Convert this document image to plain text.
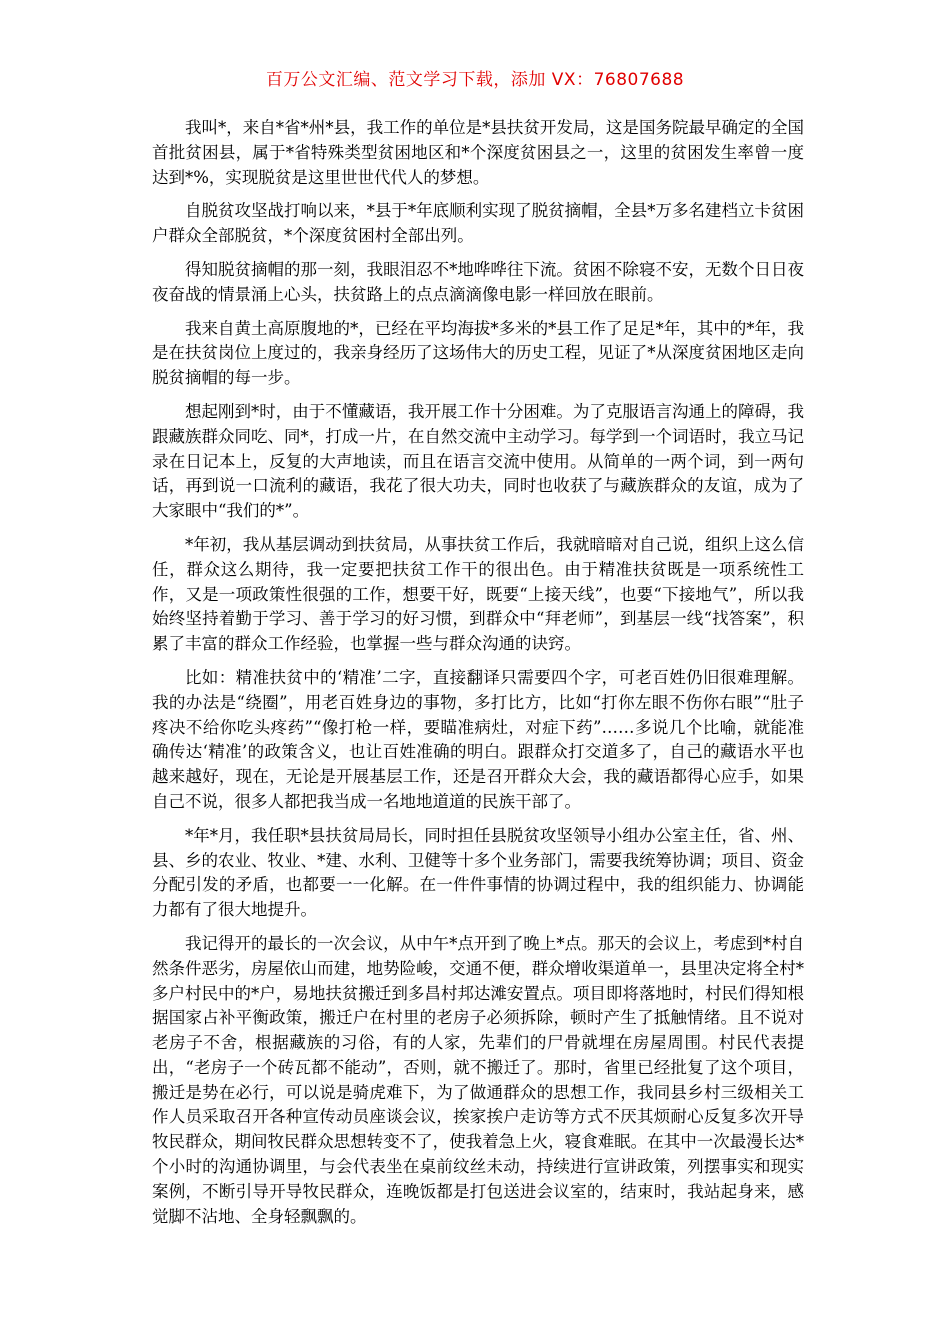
百万公文汇编、范文学习下载，添加 VX：76807688

我叫*，来自*省*州*县，我工作的单位是*县扶贫开发局，这是国务院最早确定的全国首批贫困县，属于*省特殊类型贫困地区和*个深度贫困县之一，这里的贫困发生率曾一度达到*%，实现脱贫是这里世世代代人的梦想。

自脱贫攻坚战打响以来，*县于*年底顺利实现了脱贫摘帽，全县*万多名建档立卡贫困户群众全部脱贫，*个深度贫困村全部出列。

得知脱贫摘帽的那一刻，我眼泪忍不*地哗哗往下流。贫困不除寝不安，无数个日日夜夜奋战的情景涌上心头，扶贫路上的点点滴滴像电影一样回放在眼前。

我来自黄土高原腹地的*，已经在平均海拔*多米的*县工作了足足*年，其中的*年，我是在扶贫岗位上度过的，我亲身经历了这场伟大的历史工程，见证了*从深度贫困地区走向脱贫摘帽的每一步。

想起刚到*时，由于不懂藏语，我开展工作十分困难。为了克服语言沟通上的障碍，我跟藏族群众同吃、同*，打成一片，在自然交流中主动学习。每学到一个词语时，我立马记录在日记本上，反复的大声地读，而且在语言交流中使用。从简单的一两个词，到一两句话，再到说一口流利的藏语，我花了很大功夫，同时也收获了与藏族群众的友谊，成为了大家眼中“我们的*”。

*年初，我从基层调动到扶贫局，从事扶贫工作后，我就暗暗对自己说，组织上这么信任，群众这么期待，我一定要把扶贫工作干的很出色。由于精准扶贫既是一项系统性工作，又是一项政策性很强的工作，想要干好，既要“上接天线”，也要“下接地气”，所以我始终坚持着勤于学习、善于学习的好习惯，到群众中“拜老师”，到基层一线“找答案”，积累了丰富的群众工作经验，也掌握一些与群众沟通的诀窍。

比如：精准扶贫中的‘精准’二字，直接翻译只需要四个字，可老百姓仍旧很难理解。我的办法是“绕圈”，用老百姓身边的事物，多打比方，比如“打你左眼不伤你右眼”“肚子疼决不给你吃头疼药”“像打枪一样，要瞄准病灶，对症下药”……多说几个比喻，就能准确传达‘精准’的政策含义，也让百姓准确的明白。跟群众打交道多了，自己的藏语水平也越来越好，现在，无论是开展基层工作，还是召开群众大会，我的藏语都得心应手，如果自己不说，很多人都把我当成一名地地道道的民族干部了。

*年*月，我任职*县扶贫局局长，同时担任县脱贫攻坚领导小组办公室主任，省、州、县、乡的农业、牧业、*建、水利、卫健等十多个业务部门，需要我统筹协调；项目、资金分配引发的矛盾，也都要一一化解。在一件件事情的协调过程中，我的组织能力、协调能力都有了很大地提升。

我记得开的最长的一次会议，从中午*点开到了晚上*点。那天的会议上，考虑到*村自然条件恶劣，房屋依山而建，地势险峻，交通不便，群众增收渠道单一，县里决定将全村*多户村民中的*户，易地扶贫搬迁到多昌村邦达滩安置点。项目即将落地时，村民们得知根据国家占补平衡政策，搬迁户在村里的老房子必须拆除，顿时产生了抵触情绪。且不说对老房子不舍，根据藏族的习俗，有的人家，先辈们的尸骨就埋在房屋周围。村民代表提出，“老房子一个砖瓦都不能动”，否则，就不搬迁了。那时，省里已经批复了这个项目，搬迁是势在必行，可以说是骑虎难下，为了做通群众的思想工作，我同县乡村三级相关工作人员采取召开各种宣传动员座谈会议，挨家挨户走访等方式不厌其烦耐心反复多次开导牧民群众，期间牧民群众思想转变不了，使我着急上火，寝食难眠。在其中一次最漫长达*个小时的沟通协调里，与会代表坐在桌前纹丝未动，持续进行宣讲政策，列摆事实和现实案例，不断引导开导牧民群众，连晚饭都是打包送进会议室的，结束时，我站起身来，感觉脚不沾地、全身轻飘飘的。
